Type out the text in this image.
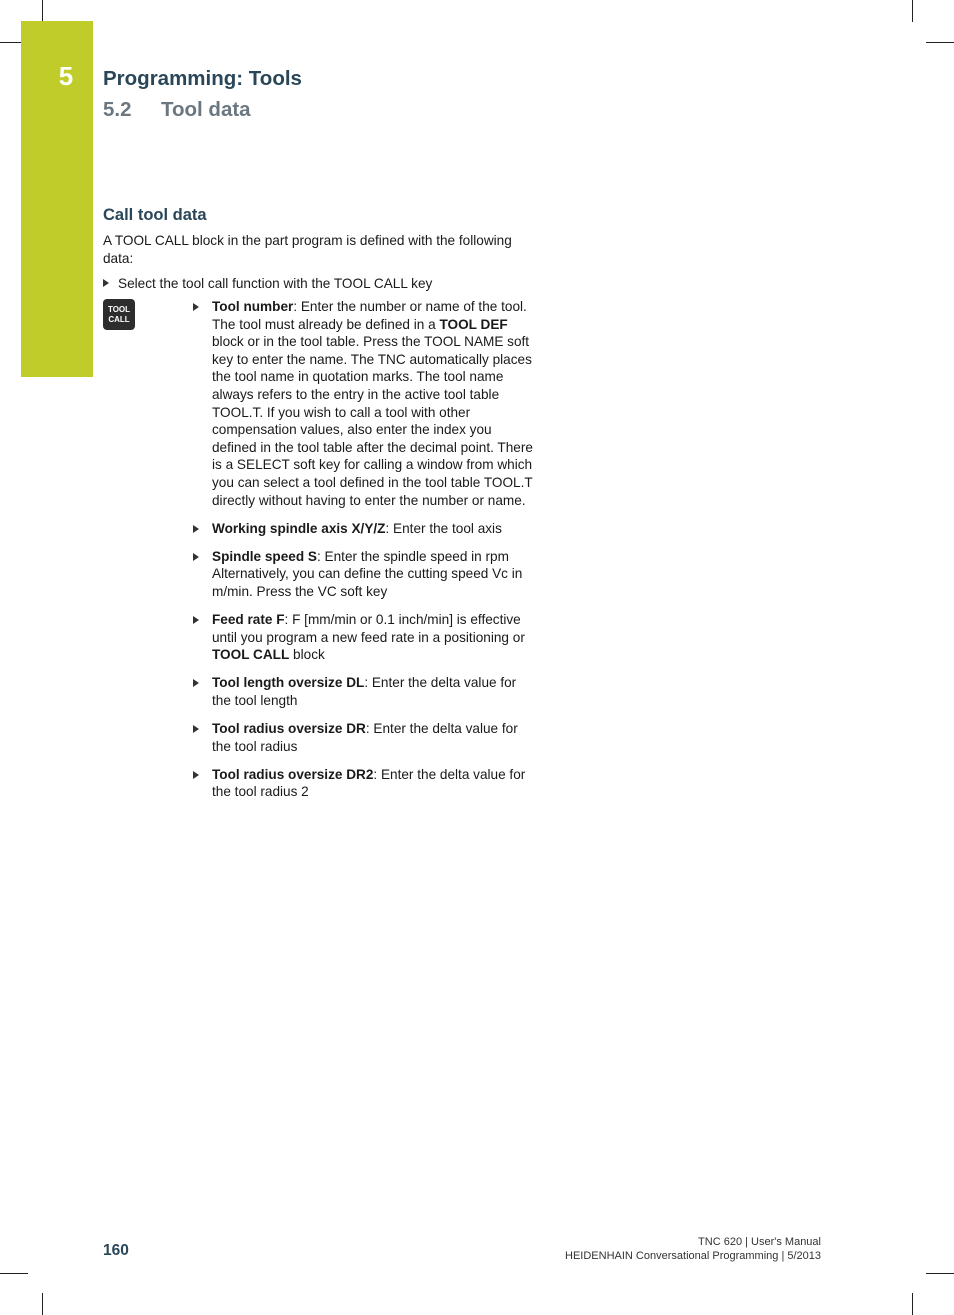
5	Programming: Tools
5.2 Tool data
Call tool data
A TOOL CALL block in the part program is defined with the following data:
Select the tool call function with the TOOL CALL key
TOOL
CALL
Tool number: Enter the number or name of the tool. The tool must already be defined in a TOOL DEF block or in the tool table. Press the TOOL NAME soft key to enter the name. The TNC automatically places the tool name in quotation marks. The tool name always refers to the entry in the active tool table TOOL.T. If you wish to call a tool with other compensation values, also enter the index you defined in the tool table after the decimal point. There is a SELECT soft key for calling a window from which you can select a tool defined in the tool table TOOL.T directly without having to enter the number or name.
Working spindle axis X/Y/Z: Enter the tool axis
Spindle speed S: Enter the spindle speed in rpm Alternatively, you can define the cutting speed Vc in m/min. Press the VC soft key
Feed rate F: F [mm/min or 0.1 inch/min] is effective until you program a new feed rate in a positioning or TOOL CALL block
Tool length oversize DL: Enter the delta value for the tool length
Tool radius oversize DR: Enter the delta value for the tool radius
Tool radius oversize DR2: Enter the delta value for the tool radius 2
160	TNC 620 | User's Manual
HEIDENHAIN Conversational Programming | 5/2013
